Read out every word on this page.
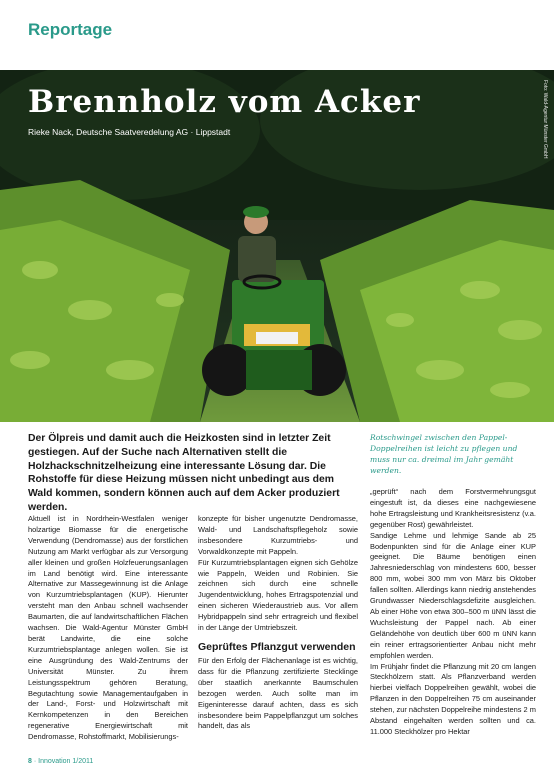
Reportage
Brennholz vom Acker
Rieke Nack, Deutsche Saatveredelung AG · Lippstadt	Foto: Wald-Agentur Münster GmbH
Der Ölpreis und damit auch die Heizkosten sind in letzter Zeit gestiegen. Auf der Suche nach Alternativen stellt die Holzhackschnitzelheizung eine interessante Lösung dar. Die Rohstoffe für diese Heizung müssen nicht unbedingt aus dem Wald kommen, sondern können auch auf dem Acker produziert werden.
Rotschwingel zwischen den Pappel-Doppelreihen ist leicht zu pflegen und muss nur ca. dreimal im Jahr gemäht werden.

Aktuell ist in Nordrhein-Westfalen weniger holzartige Biomasse für die energetische Verwendung (Dendromasse) aus der forstlichen Nutzung am Markt verfügbar als zur Versorgung aller kleinen und großen Holzfeuerungsanlagen im Land benötigt wird. Eine interessante Alternative zur Massegewinnung ist die Anlage von Kurzumtriebsplantagen (KUP). Hierunter versteht man den Anbau schnell wachsender Baumarten, die auf landwirtschaftlichen Flächen wachsen. Die Wald-Agentur Münster GmbH berät Landwirte, die eine solche Kurzumtriebsplantage anlegen wollen. Sie ist eine Ausgründung des Wald-Zentrums der Universität Münster. Zu ihrem Leistungsspektrum gehören Beratung, Begutachtung sowie Managementaufgaben in der Land-, Forst- und Holzwirtschaft mit Kernkompetenzen in den Bereichen regenerative Energiewirtschaft mit Dendromasse, Rohstoffmarkt, Mobilisierungs-

konzepte für bisher ungenutzte Dendromasse, Wald- und Landschaftspflegeholz sowie insbesondere Kurzumtriebs- und Vorwaldkonzepte mit Pappeln.

Für Kurzumtriebsplantagen eignen sich Gehölze wie Pappeln, Weiden und Robinien. Sie zeichnen sich durch eine schnelle Jugendentwicklung, hohes Ertragspotenzial und einen sicheren Wiederaustrieb aus. Vor allem Hybridpappeln sind sehr ertragreich und flexibel in der Länge der Umtriebszeit.

Geprüftes Pflanzgut verwenden

Für den Erfolg der Flächenanlage ist es wichtig, dass für die Pflanzung zertifizierte Stecklinge über staatlich anerkannte Baumschulen bezogen werden. Auch sollte man im Eigeninteresse darauf achten, dass es sich insbesondere beim Pappelpflanzgut um solches handelt, das als

„geprüft“ nach dem Forstvermehrungsgut eingestuft ist, da dieses eine nachgewiesene hohe Ertragsleistung und Krankheitsresistenz (v.a. gegenüber Rost) gewährleistet.

Sandige Lehme und lehmige Sande ab 25 Bodenpunkten sind für die Anlage einer KUP geeignet. Die Bäume benötigen einen Jahresniederschlag von mindestens 600, besser 800 mm, wobei 300 mm von März bis Oktober fallen sollten. Allerdings kann niedrig anstehendes Grundwasser Niederschlagsdefizite ausgleichen. Ab einer Höhe von etwa 300–500 m üNN lässt die Wuchsleistung der Pappel nach. Ab einer Geländehöhe von deutlich über 600 m üNN kann ein reiner ertragsorientierter Anbau nicht mehr empfohlen werden.

Im Frühjahr findet die Pflanzung mit 20 cm langen Steckhölzern statt. Als Pflanzverband werden hierbei vielfach Doppelreihen gewählt, wobei die Pflanzen in den Doppelreihen 75 cm auseinander stehen, zur nächsten Doppelreihe mindestens 2 m Abstand eingehalten werden sollten und ca. 11.000 Steckhölzer pro Hektar

8 · Innovation 1/2011
